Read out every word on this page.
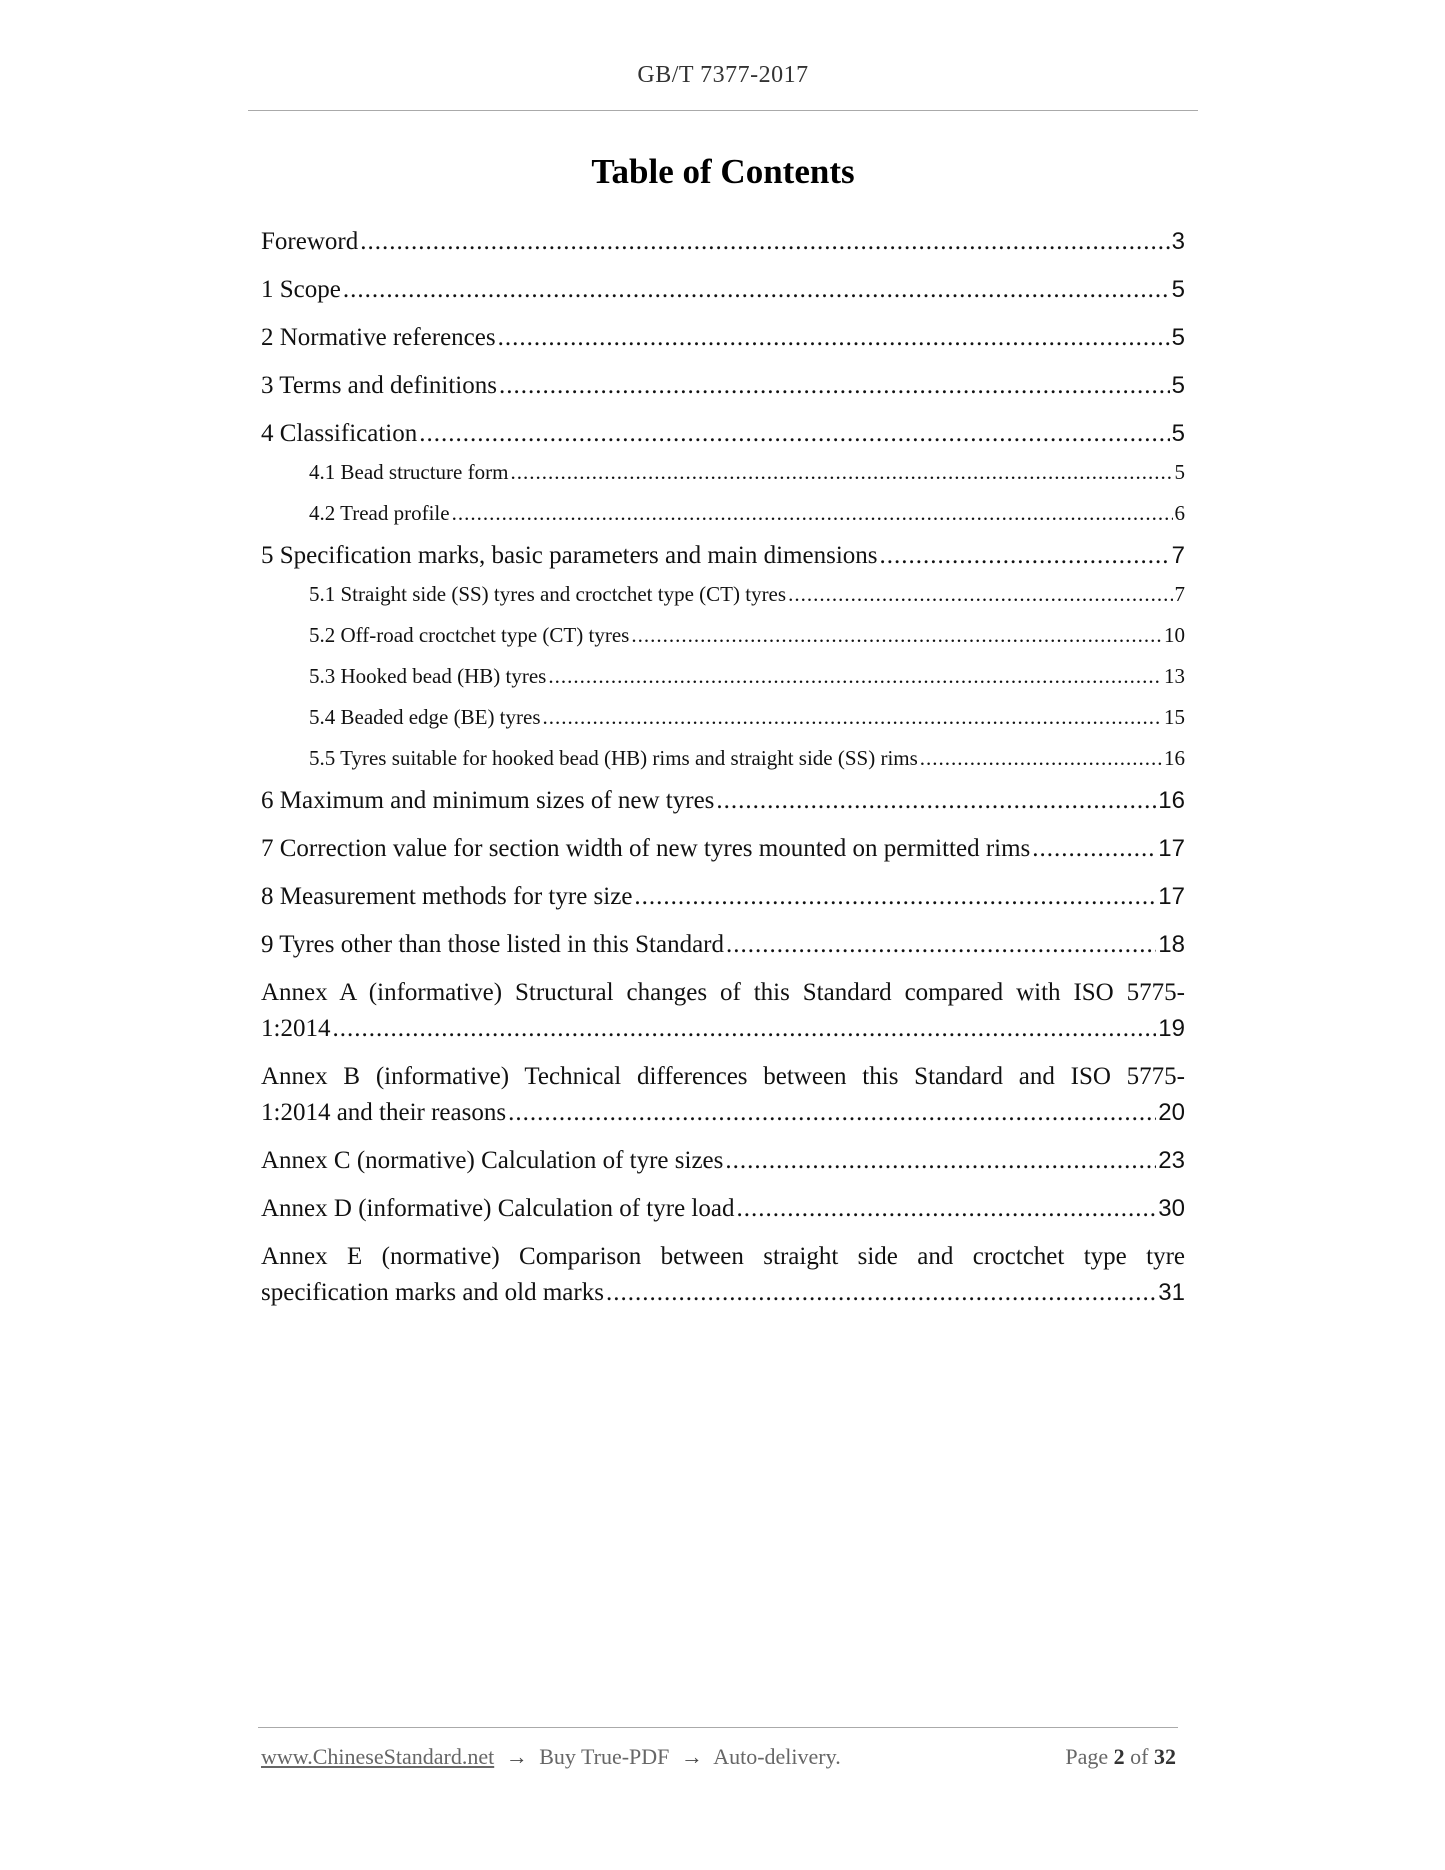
GB/T 7377-2017
Table of Contents
Foreword .....	3
1 Scope .....	5
2 Normative references .....	5
3 Terms and definitions .....	5
4 Classification .....	5
4.1 Bead structure form .....	5
4.2 Tread profile .....	6
5 Specification marks, basic parameters and main dimensions .....	7
5.1 Straight side (SS) tyres and croctchet type (CT) tyres .....	7
5.2 Off-road croctchet type (CT) tyres .....	10
5.3 Hooked bead (HB) tyres .....	13
5.4 Beaded edge (BE) tyres .....	15
5.5 Tyres suitable for hooked bead (HB) rims and straight side (SS) rims .....	16
6 Maximum and minimum sizes of new tyres .....	16
7 Correction value for section width of new tyres mounted on permitted rims .....	17
8 Measurement methods for tyre size .....	17
9 Tyres other than those listed in this Standard .....	18
Annex A (informative) Structural changes of this Standard compared with ISO 5775-
1:2014 .....	19
Annex B (informative) Technical differences between this Standard and ISO 5775-
1:2014 and their reasons .....	20
Annex C (normative) Calculation of tyre sizes .....	23
Annex D (informative) Calculation of tyre load .....	30
Annex E (normative) Comparison between straight side and croctchet type tyre
specification marks and old marks .....	31
www.ChineseStandard.net → Buy True-PDF → Auto-delivery.	Page 2 of 32
